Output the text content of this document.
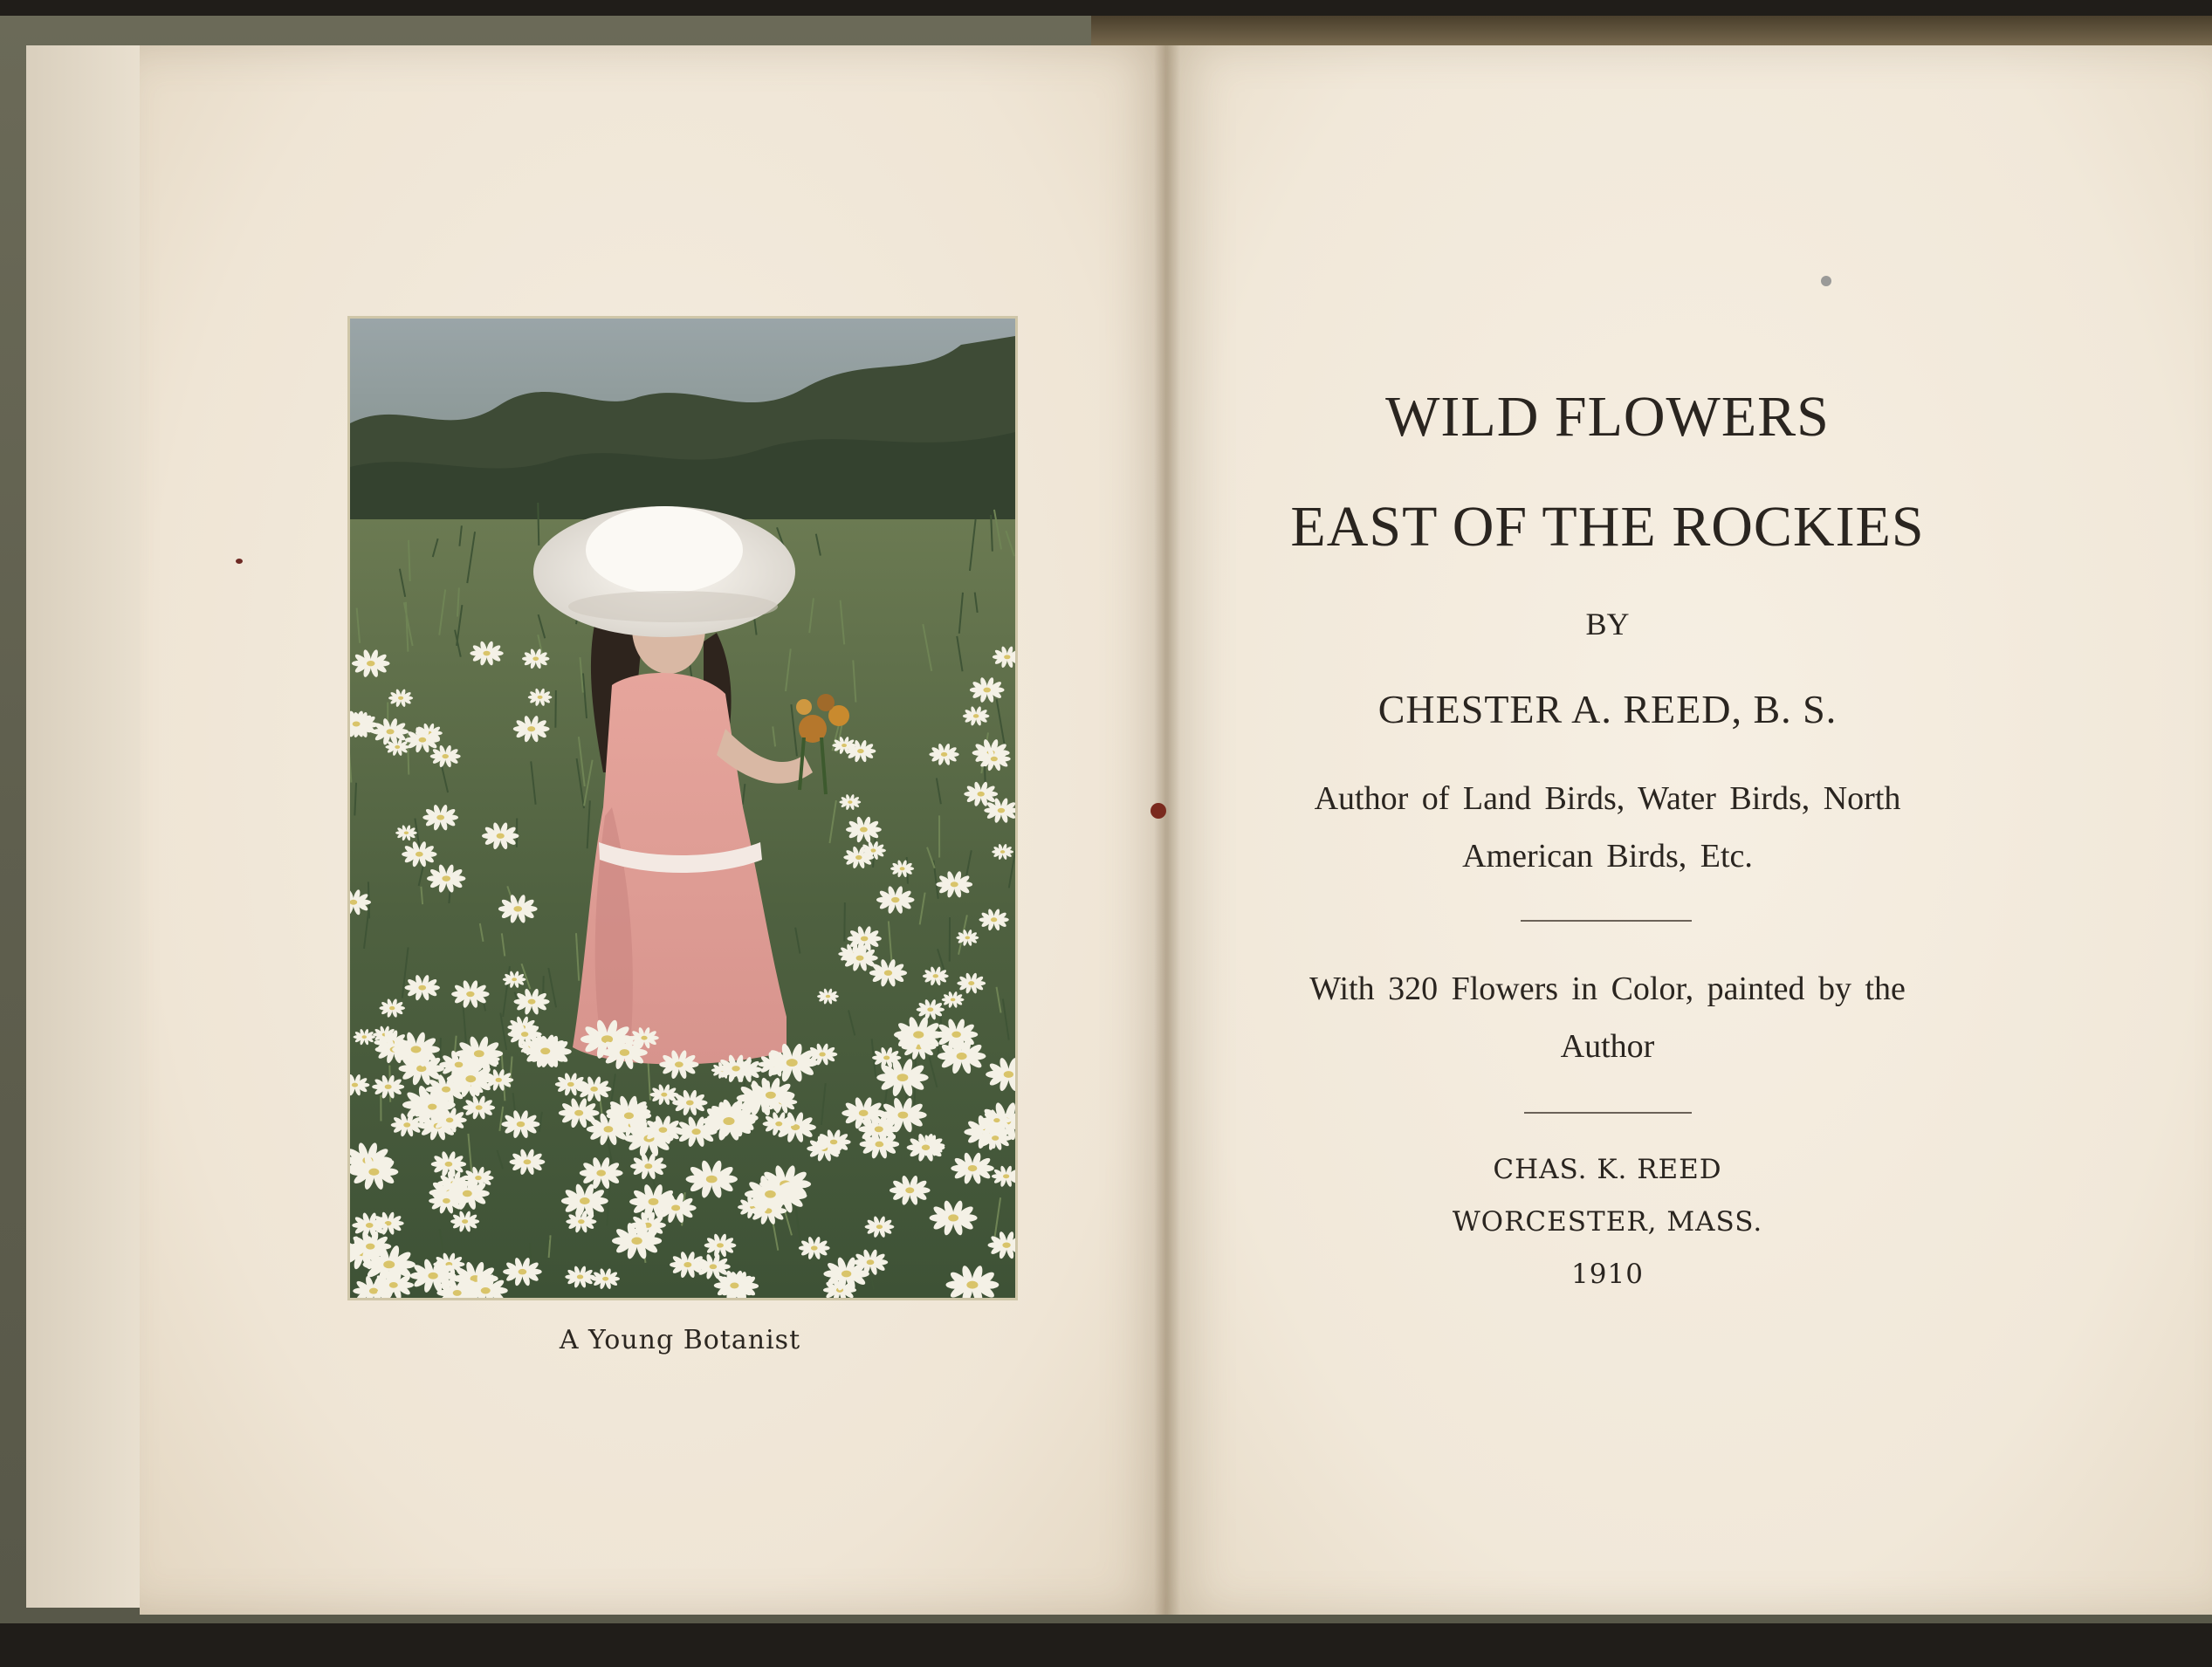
A Young Botanist
WILD FLOWERS
EAST OF THE ROCKIES
BY
CHESTER A. REED, B. S.
Author of Land Birds, Water Birds, North
American Birds, Etc.
With 320 Flowers in Color, painted by the
Author
CHAS. K. REED
WORCESTER, MASS.
1910
